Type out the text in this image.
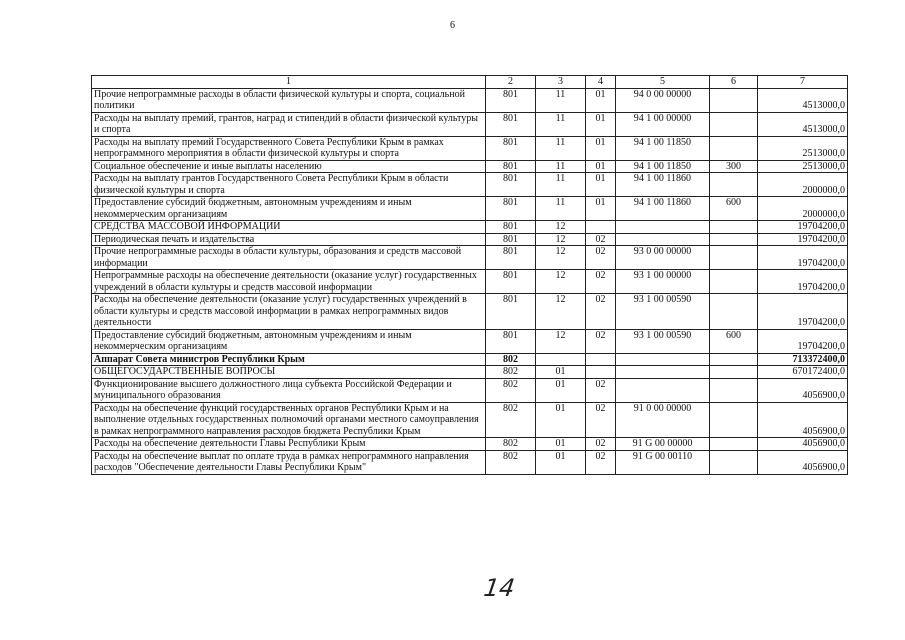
6
1	2	3	4	5	6	7
Прочие непрограммные расходы в области физической культуры и спорта, социальной политики	801	11	01	94 0 00 00000		4513000,0
Расходы на выплату премий, грантов, наград и стипендий в области физической культуры и спорта	801	11	01	94 1 00 00000		4513000,0
Расходы на выплату премий Государственного Совета Республики Крым в рамках непрограммного мероприятия в области физической культуры и спорта	801	11	01	94 1 00 11850		2513000,0
Социальное обеспечение и иные выплаты населению	801	11	01	94 1 00 11850	300	2513000,0
Расходы на выплату грантов Государственного Совета Республики Крым в области физической культуры и спорта	801	11	01	94 1 00 11860		2000000,0
Предоставление субсидий бюджетным, автономным учреждениям и иным некоммерческим организациям	801	11	01	94 1 00 11860	600	2000000,0
СРЕДСТВА МАССОВОЙ ИНФОРМАЦИИ	801	12				19704200,0
Периодическая печать и издательства	801	12	02			19704200,0
Прочие непрограммные расходы в области культуры, образования и средств массовой информации	801	12	02	93 0 00 00000		19704200,0
Непрограммные расходы на обеспечение деятельности (оказание услуг) государственных учреждений в области культуры и средств массовой информации	801	12	02	93 1 00 00000		19704200,0
Расходы на обеспечение деятельности (оказание услуг) государственных учреждений в области культуры и средств массовой информации в рамках непрограммных видов деятельности	801	12	02	93 1 00 00590		19704200,0
Предоставление субсидий бюджетным, автономным учреждениям и иным некоммерческим организациям	801	12	02	93 1 00 00590	600	19704200,0
Аппарат Совета министров Республики Крым	802					713372400,0
ОБЩЕГОСУДАРСТВЕННЫЕ ВОПРОСЫ	802	01				670172400,0
Функционирование высшего должностного лица субъекта Российской Федерации и муниципального образования	802	01	02			4056900,0
Расходы на обеспечение функций государственных органов Республики Крым и на выполнение отдельных государственных полномочий органами местного самоуправления в рамках непрограммного направления расходов бюджета Республики Крым	802	01	02	91 0 00 00000		4056900,0
Расходы на обеспечение деятельности Главы Республики Крым	802	01	02	91 G 00 00000		4056900,0
Расходы на обеспечение выплат по оплате труда в рамках непрограммного направления расходов "Обеспечение деятельности Главы Республики Крым"	802	01	02	91 G 00 00110		4056900,0
14
